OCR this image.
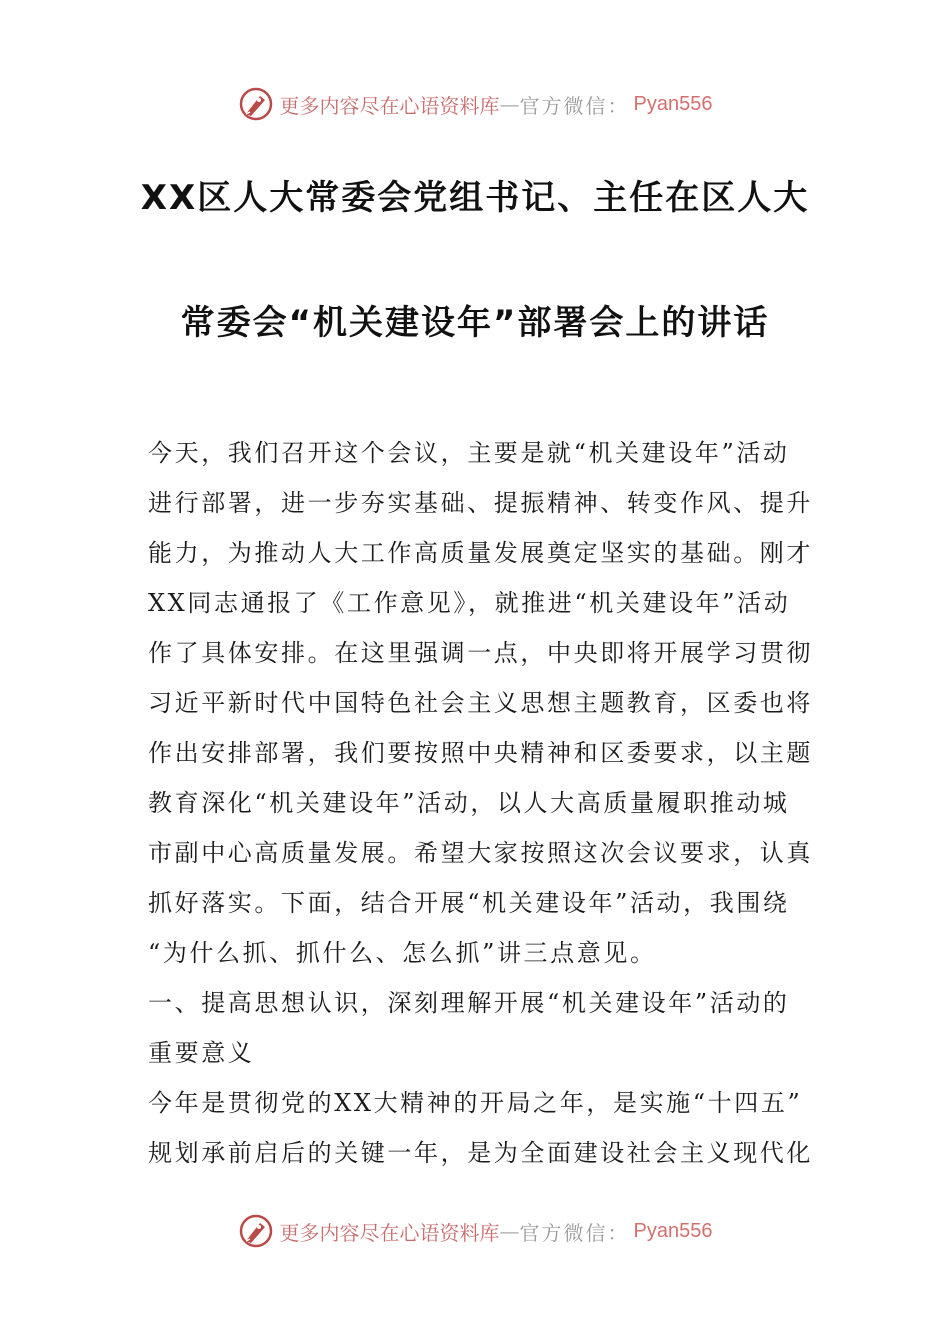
更多内容尽在心语资料库 — 官方微信： Pyan556
XX区人大常委会党组书记、主任在区人大
常委会“机关建设年”部署会上的讲话
今天，我们召开这个会议，主要是就“机关建设年”活动
进行部署，进一步夯实基础、提振精神、转变作风、提升
能力，为推动人大工作高质量发展奠定坚实的基础。刚才
XX同志通报了《工作意见》，就推进“机关建设年”活动
作了具体安排。在这里强调一点，中央即将开展学习贯彻
习近平新时代中国特色社会主义思想主题教育，区委也将
作出安排部署，我们要按照中央精神和区委要求，以主题
教育深化“机关建设年”活动，以人大高质量履职推动城
市副中心高质量发展。希望大家按照这次会议要求，认真
抓好落实。下面，结合开展“机关建设年”活动，我围绕
“为什么抓、抓什么、怎么抓”讲三点意见。
一、提高思想认识，深刻理解开展“机关建设年”活动的
重要意义
今年是贯彻党的XX大精神的开局之年，是实施“十四五”
规划承前启后的关键一年，是为全面建设社会主义现代化
更多内容尽在心语资料库 — 官方微信： Pyan556
